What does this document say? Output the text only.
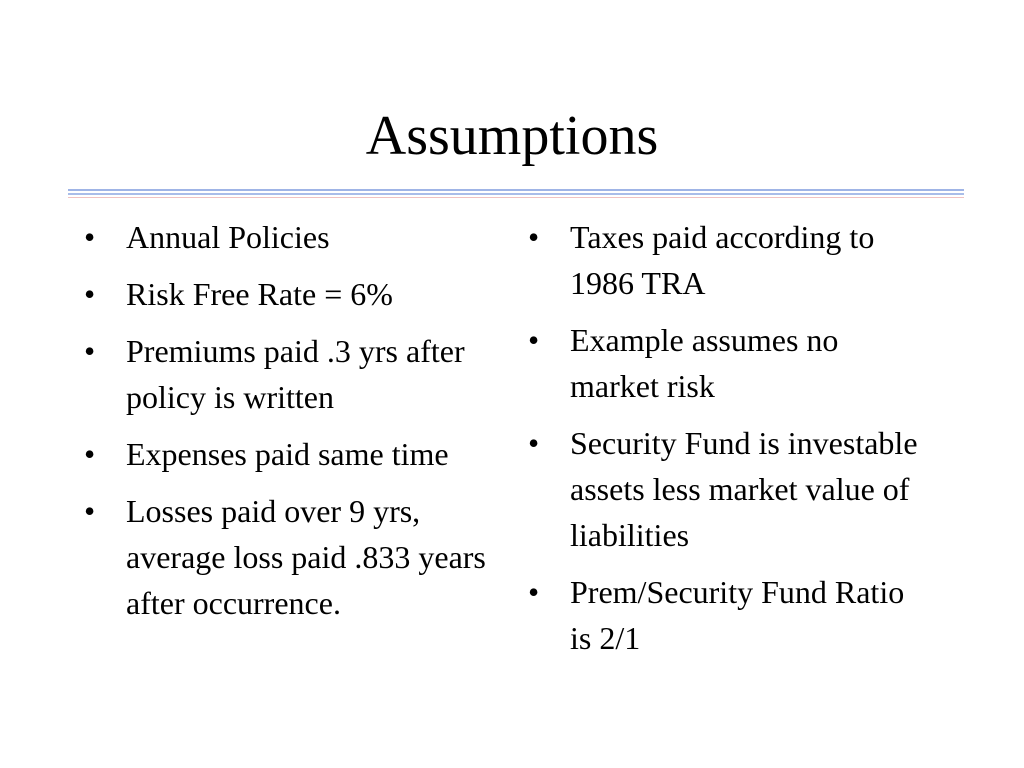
Assumptions
• Annual Policies
• Risk Free Rate = 6%
• Premiums paid .3 yrs after policy is written
• Expenses paid same time
• Losses paid over 9 yrs, average loss paid .833 years after occurrence.
• Taxes paid according to 1986 TRA
• Example assumes no market risk
• Security Fund is investable assets less market value of liabilities
• Prem/Security Fund Ratio is 2/1
